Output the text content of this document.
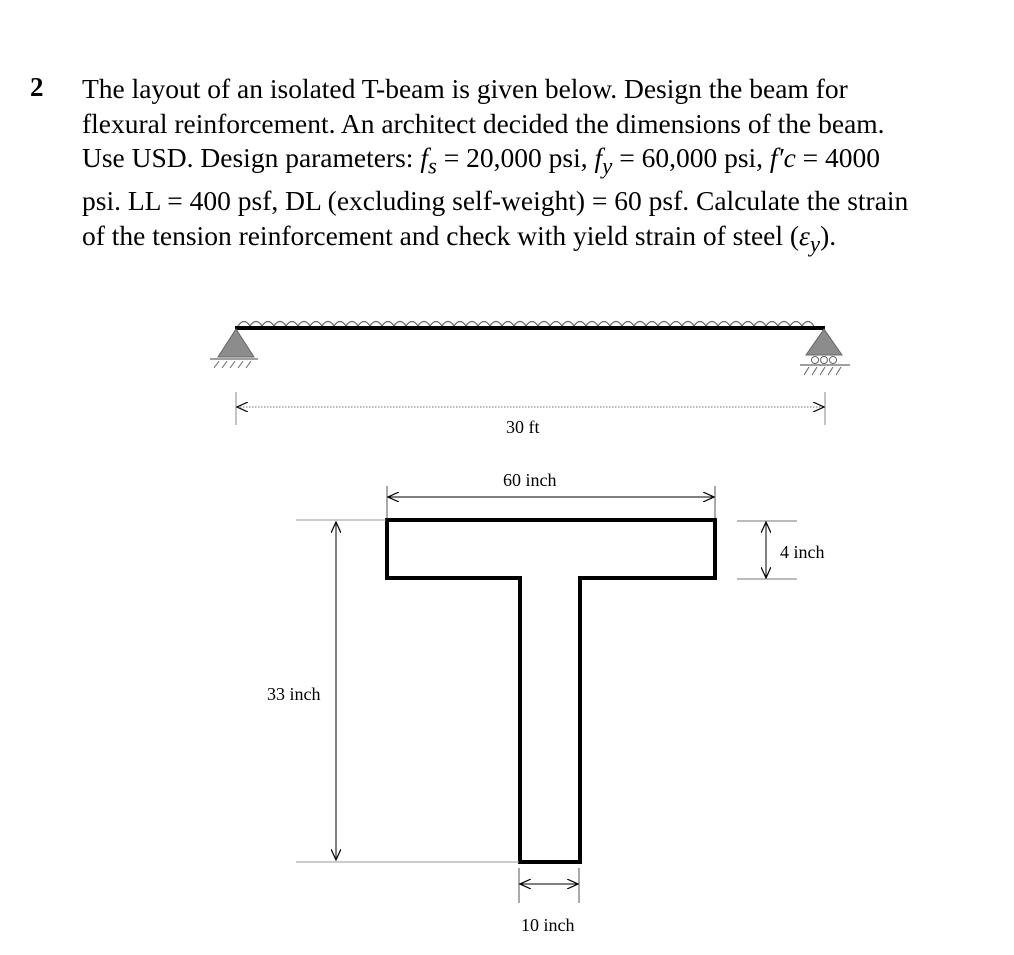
2 The layout of an isolated T-beam is given below. Design the beam for
flexural reinforcement. An architect decided the dimensions of the beam.
Use USD. Design parameters: $f_s = 20,000$ psi, $f_y = 60,000$ psi, f′c = 4000
psi. LL = 400 psf, DL (excluding self-weight) = 60 psf. Calculate the strain
of the tension reinforcement and check with yield strain of steel $(\varepsilon_y)$.
30 ft
60 inch
4 inch
33 inch
10 inch
